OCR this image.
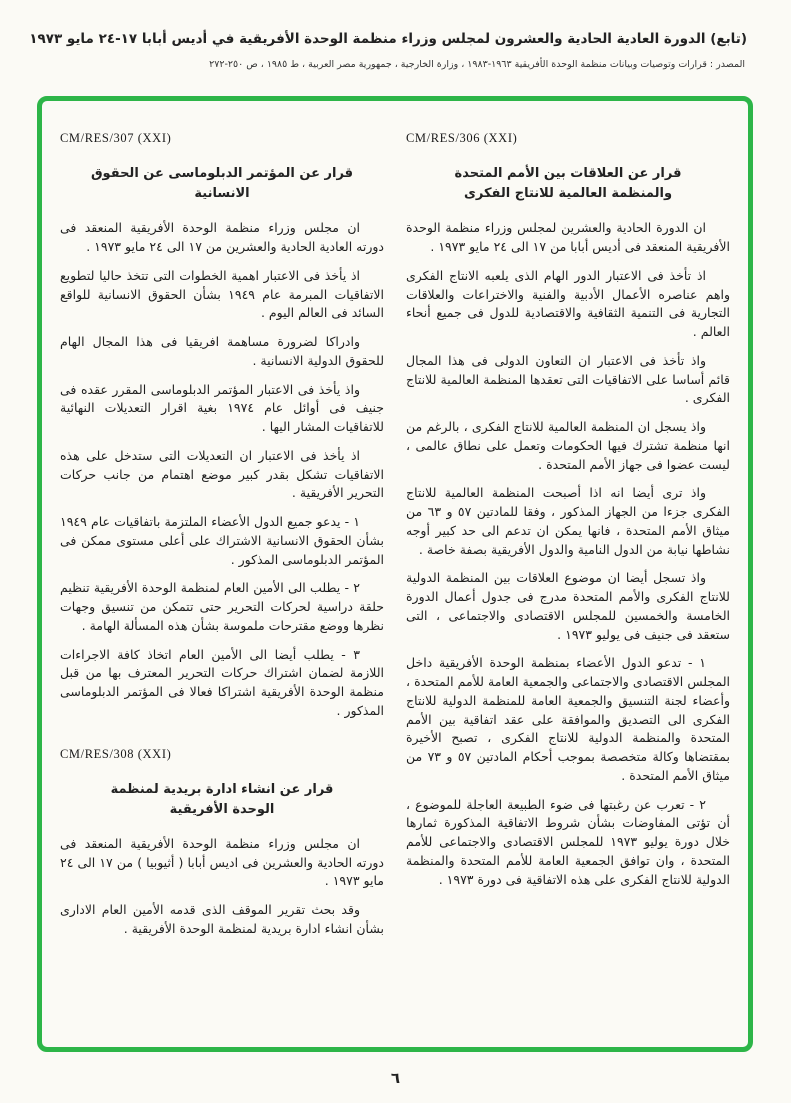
(تابع) الدورة العادية الحادية والعشرون لمجلس وزراء منظمة الوحدة الأفريقية في أديس أبابا ١٧-٢٤ مايو ١٩٧٣
المصدر : قرارات وتوصيات وبيانات منظمة الوحدة الأفريقية ١٩٦٣-١٩٨٣ ، وزارة الخارجية ، جمهورية مصر العربية ، ط ١٩٨٥ ، ص ٢٥٠-٢٧٢
CM/RES/306 (XXI)
قرار عن العلاقات بين الأمم المتحدة والمنظمة العالمية للانتاج الفكرى

ان الدورة الحادية والعشرين لمجلس وزراء منظمة الوحدة الأفريقية المنعقد فى أديس أبابا من ١٧ الى ٢٤ مايو ١٩٧٣ .

اذ تأخذ فى الاعتبار الدور الهام الذى يلعبه الانتاج الفكرى واهم عناصره الأعمال الأدبية والفنية والاختراعات والعلاقات التجارية فى التنمية الثقافية والاقتصادية للدول فى جميع أنحاء العالم .

واذ تأخذ فى الاعتبار ان التعاون الدولى فى هذا المجال قائم أساسا على الاتفاقيات التى تعقدها المنظمة العالمية للانتاج الفكرى .

واذ يسجل ان المنظمة العالمية للانتاج الفكرى ، بالرغم من انها منظمة تشترك فيها الحكومات وتعمل على نطاق عالمى ، ليست عضوا فى جهاز الأمم المتحدة .

واذ ترى أيضا انه اذا أصبحت المنظمة العالمية للانتاج الفكرى جزءا من الجهاز المذكور ، وفقا للمادتين ٥٧ و ٦٣ من ميثاق الأمم المتحدة ، فانها يمكن ان تدعم الى حد كبير أوجه نشاطها نيابة من الدول النامية والدول الأفريقية بصفة خاصة .

واذ تسجل أيضا ان موضوع العلاقات بين المنظمة الدولية للانتاج الفكرى والأمم المتحدة مدرج فى جدول أعمال الدورة الخامسة والخمسين للمجلس الاقتصادى والاجتماعى ، التى ستعقد فى جنيف فى يوليو ١٩٧٣ .

١ - تدعو الدول الأعضاء بمنظمة الوحدة الأفريقية داخل المجلس الاقتصادى والاجتماعى والجمعية العامة للأمم المتحدة ، وأعضاء لجنة التنسيق والجمعية العامة للمنظمة الدولية للانتاج الفكرى الى التصديق والموافقة على عقد اتفاقية بين الأمم المتحدة والمنظمة الدولية للانتاج الفكرى ، تصبح الأخيرة بمقتضاها وكالة متخصصة بموجب أحكام المادتين ٥٧ و ٧٣ من ميثاق الأمم المتحدة .

٢ - تعرب عن رغبتها فى ضوء الطبيعة العاجلة للموضوع ، أن تؤتى المفاوضات بشأن شروط الاتفاقية المذكورة ثمارها خلال دورة يوليو ١٩٧٣ للمجلس الاقتصادى والاجتماعى للأمم المتحدة ، وان توافق الجمعية العامة للأمم المتحدة والمنظمة الدولية للانتاج الفكرى على هذه الاتفاقية فى دورة ١٩٧٣ .

CM/RES/307 (XXI)
قرار عن المؤتمر الدبلوماسى عن الحقوق الانسانية

ان مجلس وزراء منظمة الوحدة الأفريقية المنعقد فى دورته العادية الحادية والعشرين من ١٧ الى ٢٤ مايو ١٩٧٣ .

اذ يأخذ فى الاعتبار اهمية الخطوات التى تتخذ حاليا لتطويع الاتفاقيات المبرمة عام ١٩٤٩ بشأن الحقوق الانسانية للواقع السائد فى العالم اليوم .

وادراكا لضرورة مساهمة افريقيا فى هذا المجال الهام للحقوق الدولية الانسانية .

واذ يأخذ فى الاعتبار المؤتمر الدبلوماسى المقرر عقده فى جنيف فى أوائل عام ١٩٧٤ بغية اقرار التعديلات النهائية للاتفاقيات المشار اليها .

اذ يأخذ فى الاعتبار ان التعديلات التى ستدخل على هذه الاتفاقيات تشكل بقدر كبير موضع اهتمام من جانب حركات التحرير الأفريقية .

١ - يدعو جميع الدول الأعضاء الملتزمة باتفاقيات عام ١٩٤٩ بشأن الحقوق الانسانية الاشتراك على أعلى مستوى ممكن فى المؤتمر الدبلوماسى المذكور .

٢ - يطلب الى الأمين العام لمنظمة الوحدة الأفريقية تنظيم حلقة دراسية لحركات التحرير حتى تتمكن من تنسيق وجهات نظرها ووضع مقترحات ملموسة بشأن هذه المسألة الهامة .

٣ - يطلب أيضا الى الأمين العام اتخاذ كافة الاجراءات اللازمة لضمان اشتراك حركات التحرير المعترف بها من قبل منظمة الوحدة الأفريقية اشتراكا فعالا فى المؤتمر الدبلوماسى المذكور .

CM/RES/308 (XXI)
قرار عن انشاء ادارة بريدية لمنظمة الوحدة الأفريقية

ان مجلس وزراء منظمة الوحدة الأفريقية المنعقد فى دورته الحادية والعشرين فى اديس أبابا ( أثيوبيا ) من ١٧ الى ٢٤ مايو ١٩٧٣ .

وقد بحث تقرير الموقف الذى قدمه الأمين العام الادارى بشأن انشاء ادارة بريدية لمنظمة الوحدة الأفريقية .

٦
